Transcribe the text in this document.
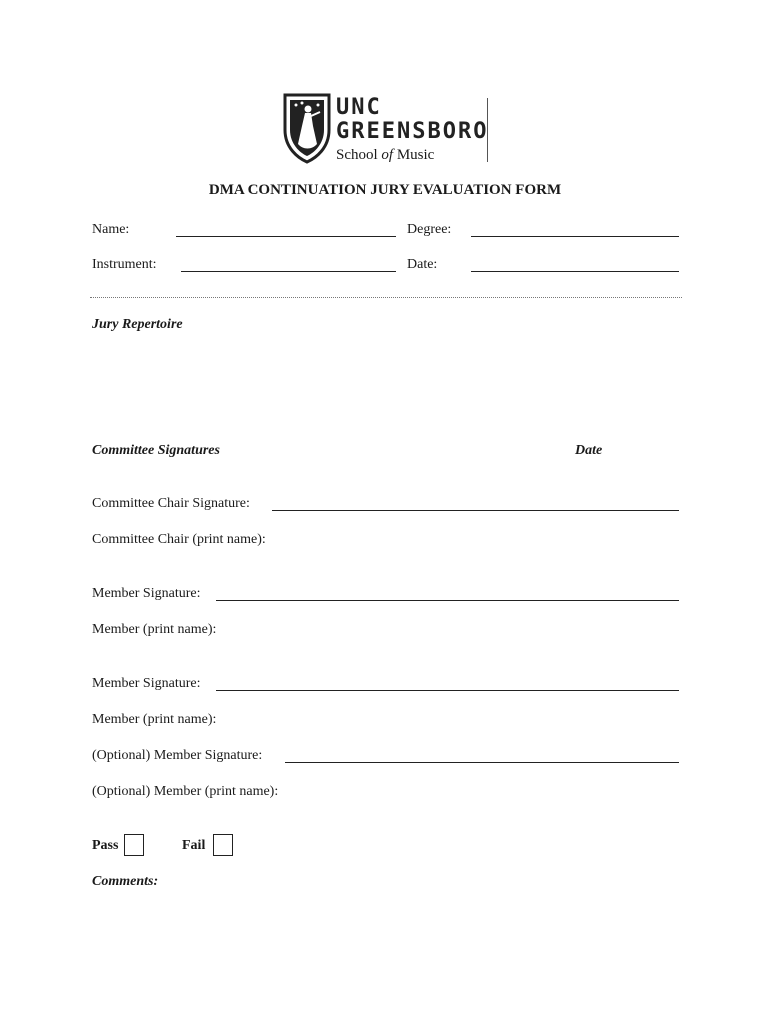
UNC
GREENSBORO
School of Music
DMA CONTINUATION JURY EVALUATION FORM
Name:	Degree:
Instrument:	Date:
Jury Repertoire
Committee Signatures	Date
Committee Chair Signature:
Committee Chair (print name):
Member Signature:
Member (print name):
Member Signature:
Member (print name):
(Optional) Member Signature:
(Optional) Member (print name):
Pass	Fail
Comments:
